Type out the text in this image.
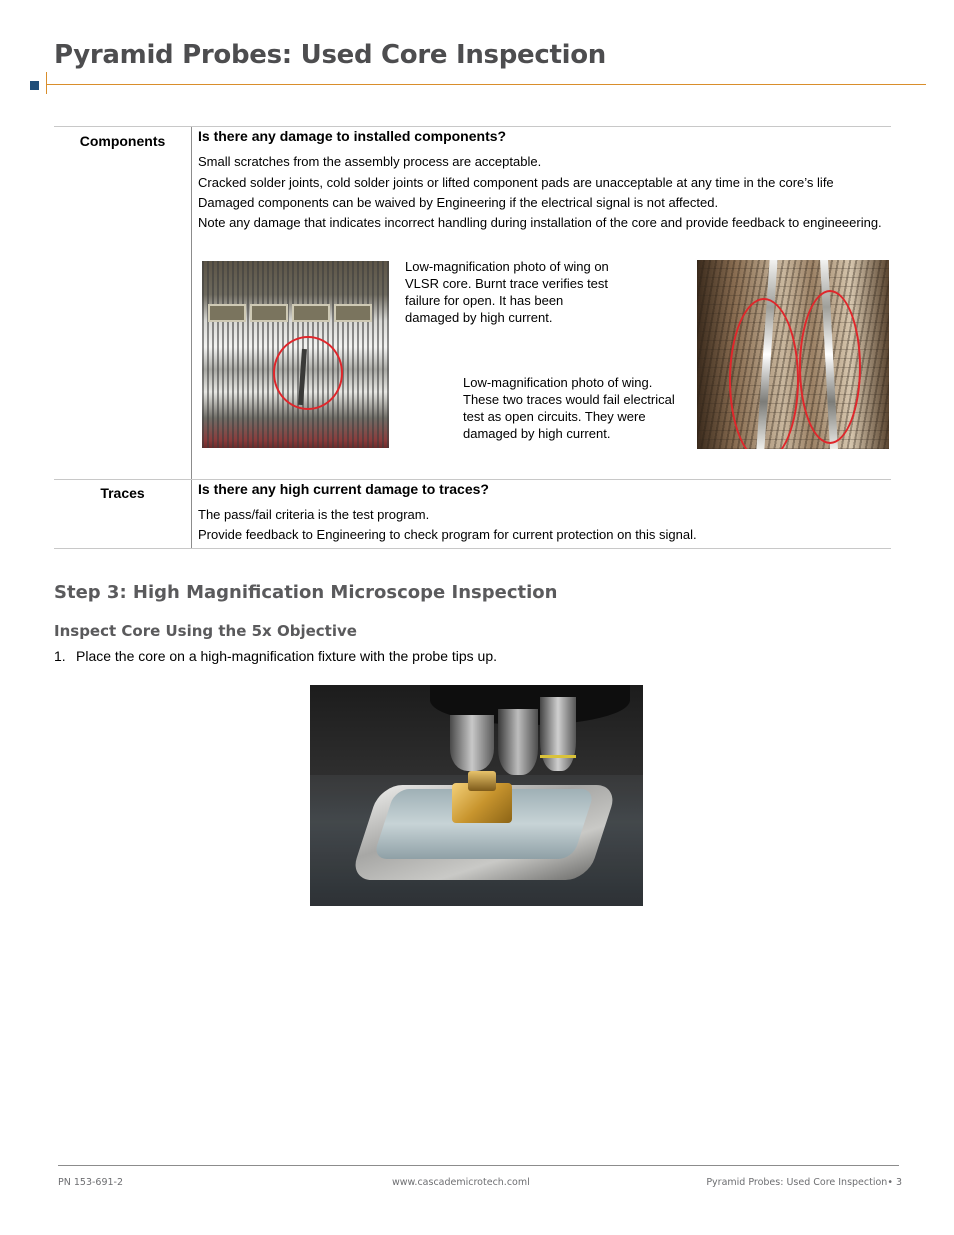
Pyramid Probes: Used Core Inspection
Components	Is there any damage to installed components?

Small scratches from the assembly process are acceptable.

Cracked solder joints, cold solder joints or lifted component pads are unacceptable at any time in the core’s life

Damaged components can be waived by Engineering if the electrical signal is not affected.

Note any damage that indicates incorrect handling during installation of the core and provide feedback to engineeering.

Low-magnification photo of wing on VLSR core. Burnt trace verifies test failure for open. It has been damaged by high current.
Low-magnification photo of wing. These two traces would fail electrical test as open circuits. They were damaged by high current.
Traces	Is there any high current damage to traces?

The pass/fail criteria is the test program.

Provide feedback to Engineering to check program for current protection on this signal.

Step 3: High Magnification Microscope Inspection
Inspect Core Using the 5x Objective
1. Place the core on a high-magnification fixture with the probe tips up.
PN 153-691-2	www.cascademicrotech.coml	Pyramid Probes: Used Core Inspection• 3
